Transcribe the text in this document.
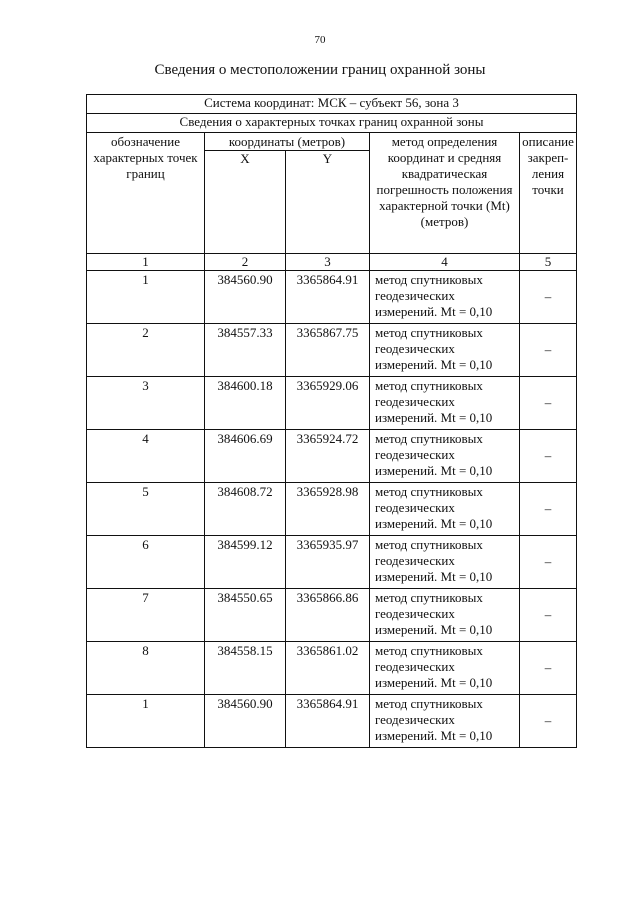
70
Сведения о местоположении границ охранной зоны
Система координат: МСК – субъект 56, зона 3				
Сведения о характерных точках границ охранной зоны				
обозначение характерных точек границ	координаты (метров)		метод определения координат и средняя квадратическая погрешность положения характерной точки (Mt) (метров)	описание закреп-ления точки
	X	Y		
1	2	3	4	5
1	384560.90	3365864.91	метод спутниковых геодезических измерений. Mt = 0,10	–
2	384557.33	3365867.75	метод спутниковых геодезических измерений. Mt = 0,10	–
3	384600.18	3365929.06	метод спутниковых геодезических измерений. Mt = 0,10	–
4	384606.69	3365924.72	метод спутниковых геодезических измерений. Mt = 0,10	–
5	384608.72	3365928.98	метод спутниковых геодезических измерений. Mt = 0,10	–
6	384599.12	3365935.97	метод спутниковых геодезических измерений. Mt = 0,10	–
7	384550.65	3365866.86	метод спутниковых геодезических измерений. Mt = 0,10	–
8	384558.15	3365861.02	метод спутниковых геодезических измерений. Mt = 0,10	–
1	384560.90	3365864.91	метод спутниковых геодезических измерений. Mt = 0,10	–
